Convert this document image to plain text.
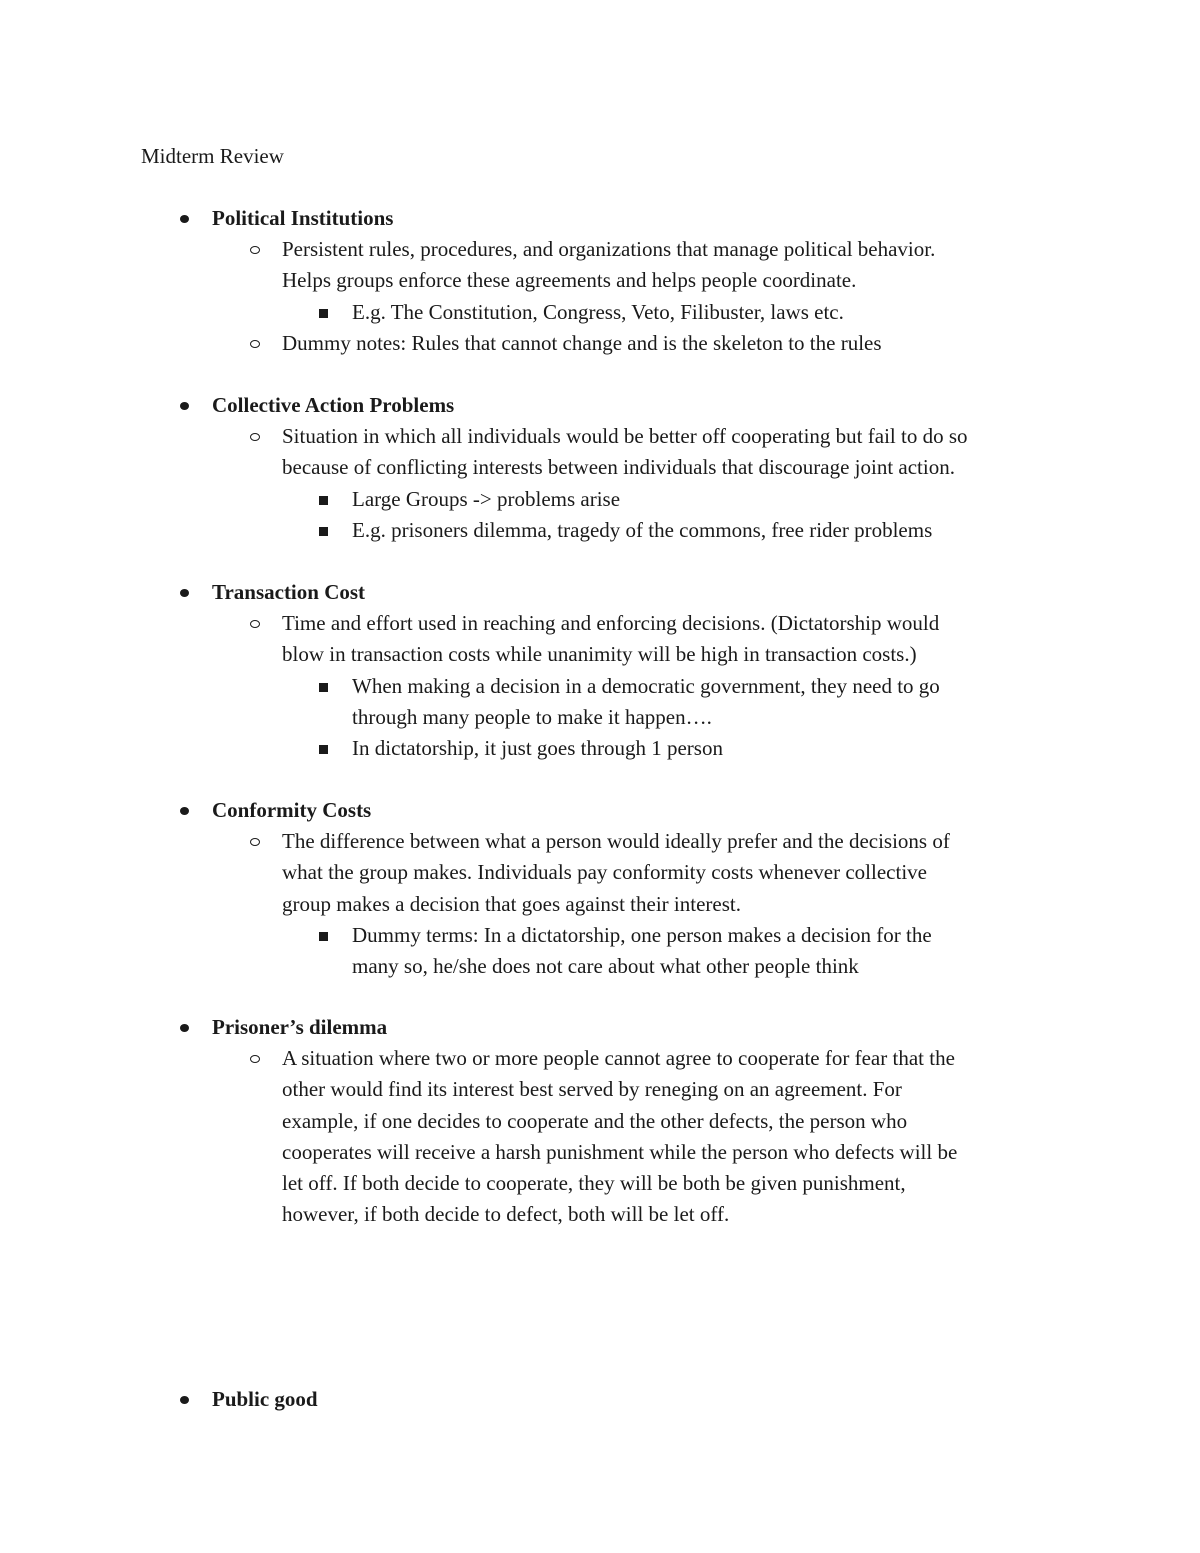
Midterm Review
Political Institutions
Persistent rules, procedures, and organizations that manage political behavior.
Helps groups enforce these agreements and helps people coordinate.
E.g. The Constitution, Congress, Veto, Filibuster, laws etc.
Dummy notes: Rules that cannot change and is the skeleton to the rules
Collective Action Problems
Situation in which all individuals would be better off cooperating but fail to do so
because of conflicting interests between individuals that discourage joint action.
Large Groups -> problems arise
E.g. prisoners dilemma, tragedy of the commons, free rider problems
Transaction Cost
Time and effort used in reaching and enforcing decisions. (Dictatorship would
blow in transaction costs while unanimity will be high in transaction costs.)
When making a decision in a democratic government, they need to go
through many people to make it happen….
In dictatorship, it just goes through 1 person
Conformity Costs
The difference between what a person would ideally prefer and the decisions of
what the group makes. Individuals pay conformity costs whenever collective
group makes a decision that goes against their interest.
Dummy terms: In a dictatorship, one person makes a decision for the
many so, he/she does not care about what other people think
Prisoner’s dilemma
A situation where two or more people cannot agree to cooperate for fear that the
other would find its interest best served by reneging on an agreement. For
example, if one decides to cooperate and the other defects, the person who
cooperates will receive a harsh punishment while the person who defects will be
let off. If both decide to cooperate, they will be both be given punishment,
however, if both decide to defect, both will be let off.
Public good
